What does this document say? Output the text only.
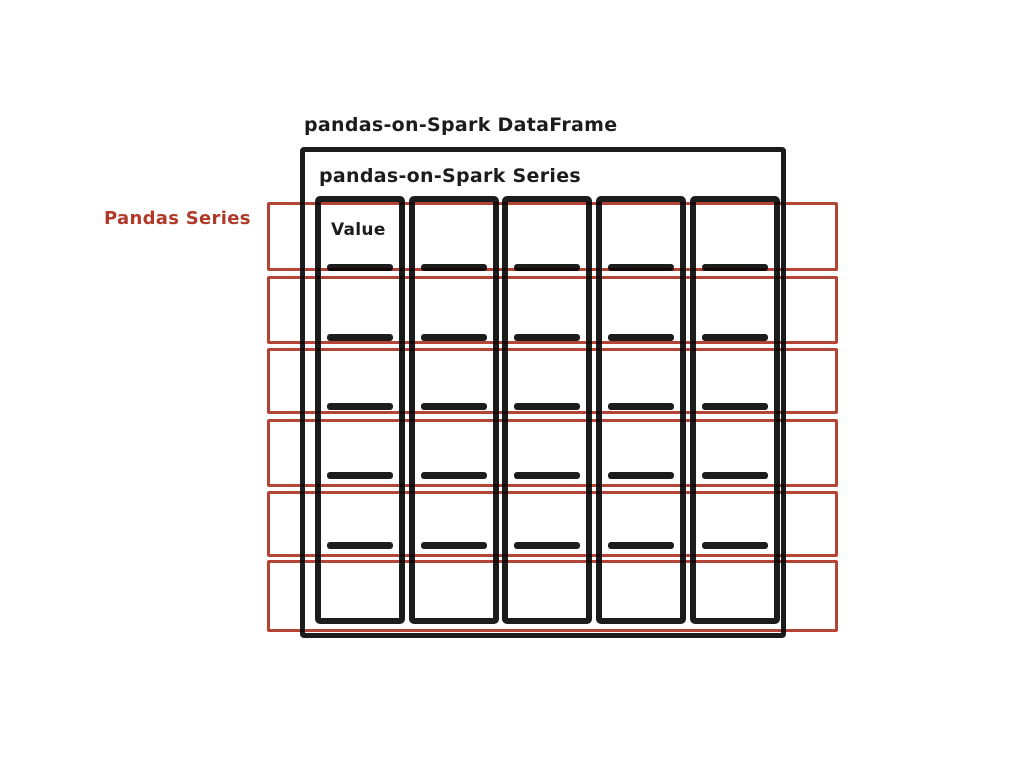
pandas-on-Spark DataFrame
pandas-on-Spark Series
Pandas Series
Value
